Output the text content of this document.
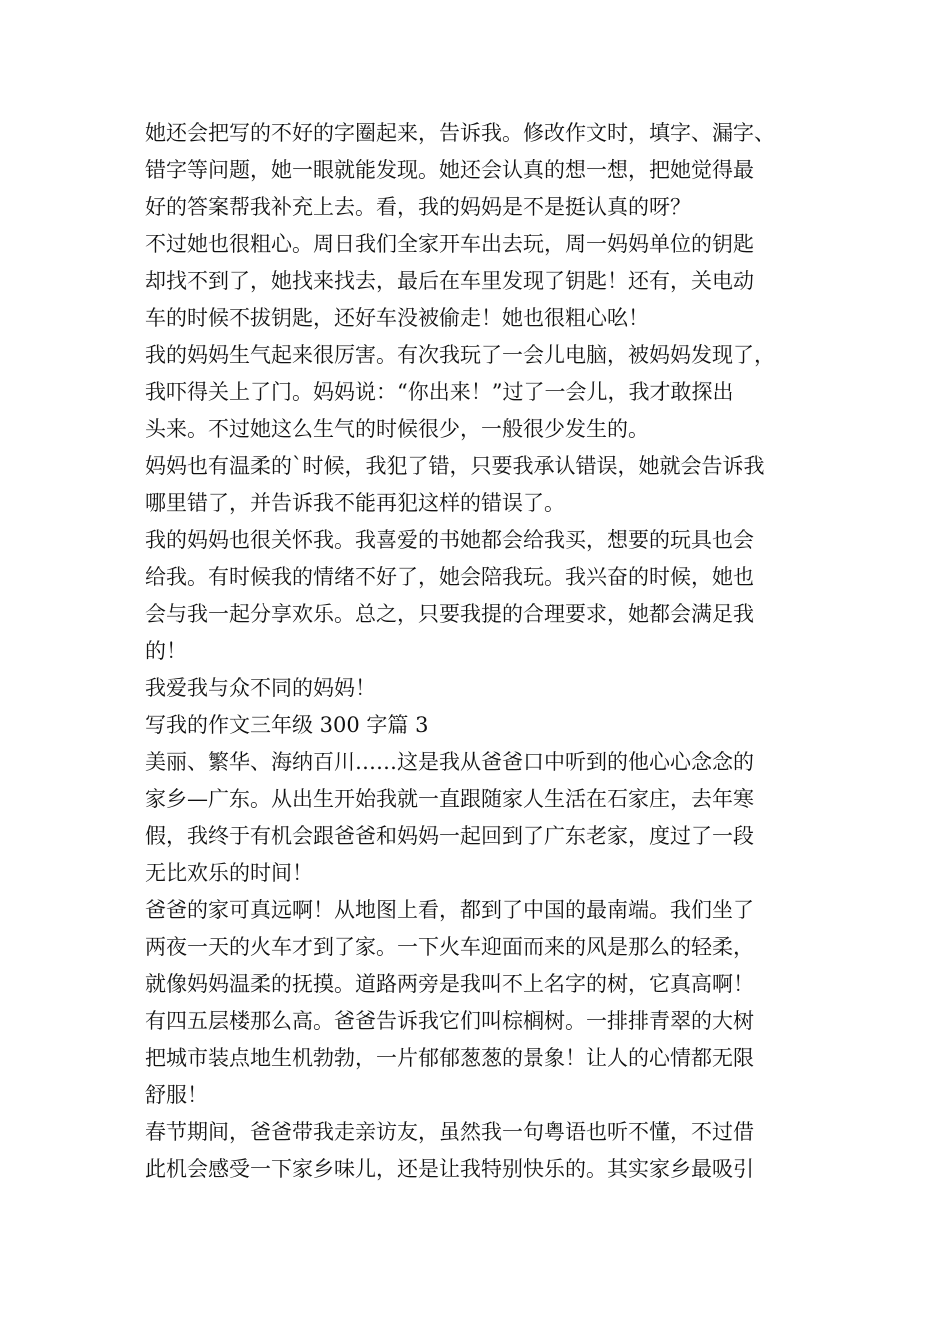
她还会把写的不好的字圈起来，告诉我。修改作文时，填字、漏字、
错字等问题，她一眼就能发现。她还会认真的想一想，把她觉得最
好的答案帮我补充上去。看，我的妈妈是不是挺认真的呀？
不过她也很粗心。周日我们全家开车出去玩，周一妈妈单位的钥匙
却找不到了，她找来找去，最后在车里发现了钥匙！还有，关电动
车的时候不拔钥匙，还好车没被偷走！她也很粗心吆！
我的妈妈生气起来很厉害。有次我玩了一会儿电脑，被妈妈发现了，
我吓得关上了门。妈妈说：“你出来！”过了一会儿，我才敢探出
头来。不过她这么生气的时候很少，一般很少发生的。
妈妈也有温柔的`时候，我犯了错，只要我承认错误，她就会告诉我
哪里错了，并告诉我不能再犯这样的错误了。
我的妈妈也很关怀我。我喜爱的书她都会给我买，想要的玩具也会
给我。有时候我的情绪不好了，她会陪我玩。我兴奋的时候，她也
会与我一起分享欢乐。总之，只要我提的合理要求，她都会满足我
的！
我爱我与众不同的妈妈！
写我的作文三年级 300 字篇 3
美丽、繁华、海纳百川……这是我从爸爸口中听到的他心心念念的
家乡—广东。从出生开始我就一直跟随家人生活在石家庄，去年寒
假，我终于有机会跟爸爸和妈妈一起回到了广东老家，度过了一段
无比欢乐的时间！
爸爸的家可真远啊！从地图上看，都到了中国的最南端。我们坐了
两夜一天的火车才到了家。一下火车迎面而来的风是那么的轻柔，
就像妈妈温柔的抚摸。道路两旁是我叫不上名字的树，它真高啊！
有四五层楼那么高。爸爸告诉我它们叫棕榈树。一排排青翠的大树
把城市装点地生机勃勃，一片郁郁葱葱的景象！让人的心情都无限
舒服！
春节期间，爸爸带我走亲访友，虽然我一句粤语也听不懂，不过借
此机会感受一下家乡味儿，还是让我特别快乐的。其实家乡最吸引
